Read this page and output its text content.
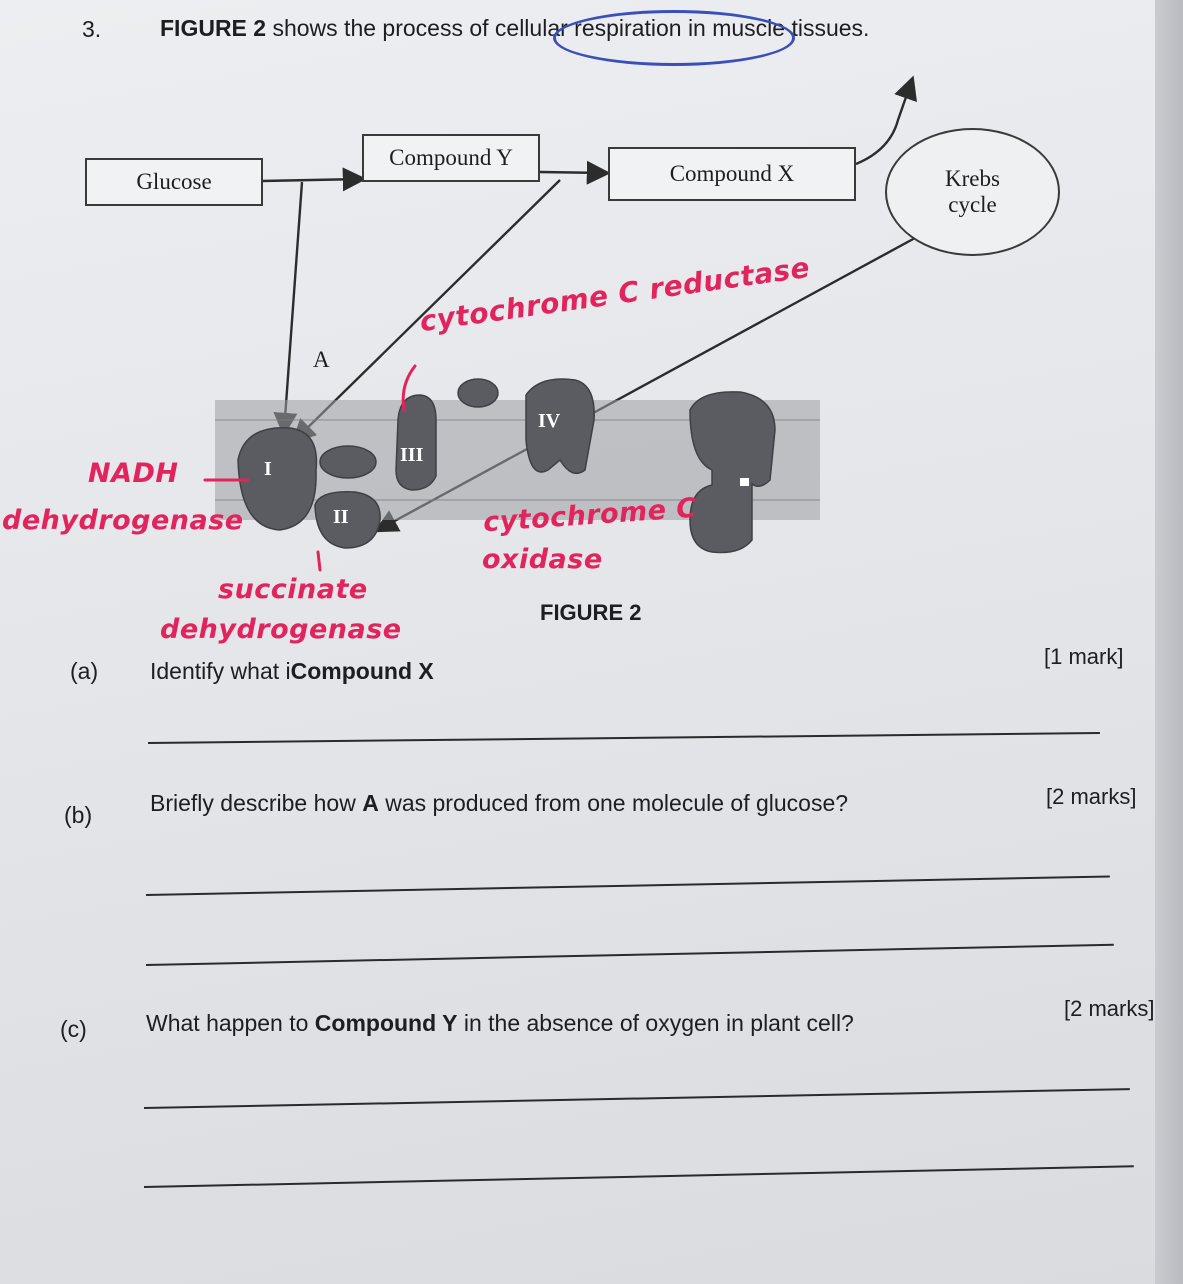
3.	FIGURE 2 shows the process of cellular respiration in muscle tissues.
Glucose
Compound Y
Compound X	Krebs
cycle
A
I
II
III
IV
cytochrome C reductase
NADH
dehydrogenase	cytochrome C
oxidase
succinate
dehydrogenase
FIGURE 2
(a) Identify what iCompound X
[1 mark]
(b)	Briefly describe how A was produced from one molecule of glucose?	[2 marks]
(c)	What happen to Compound Y in the absence of oxygen in plant cell?
[2 marks]
